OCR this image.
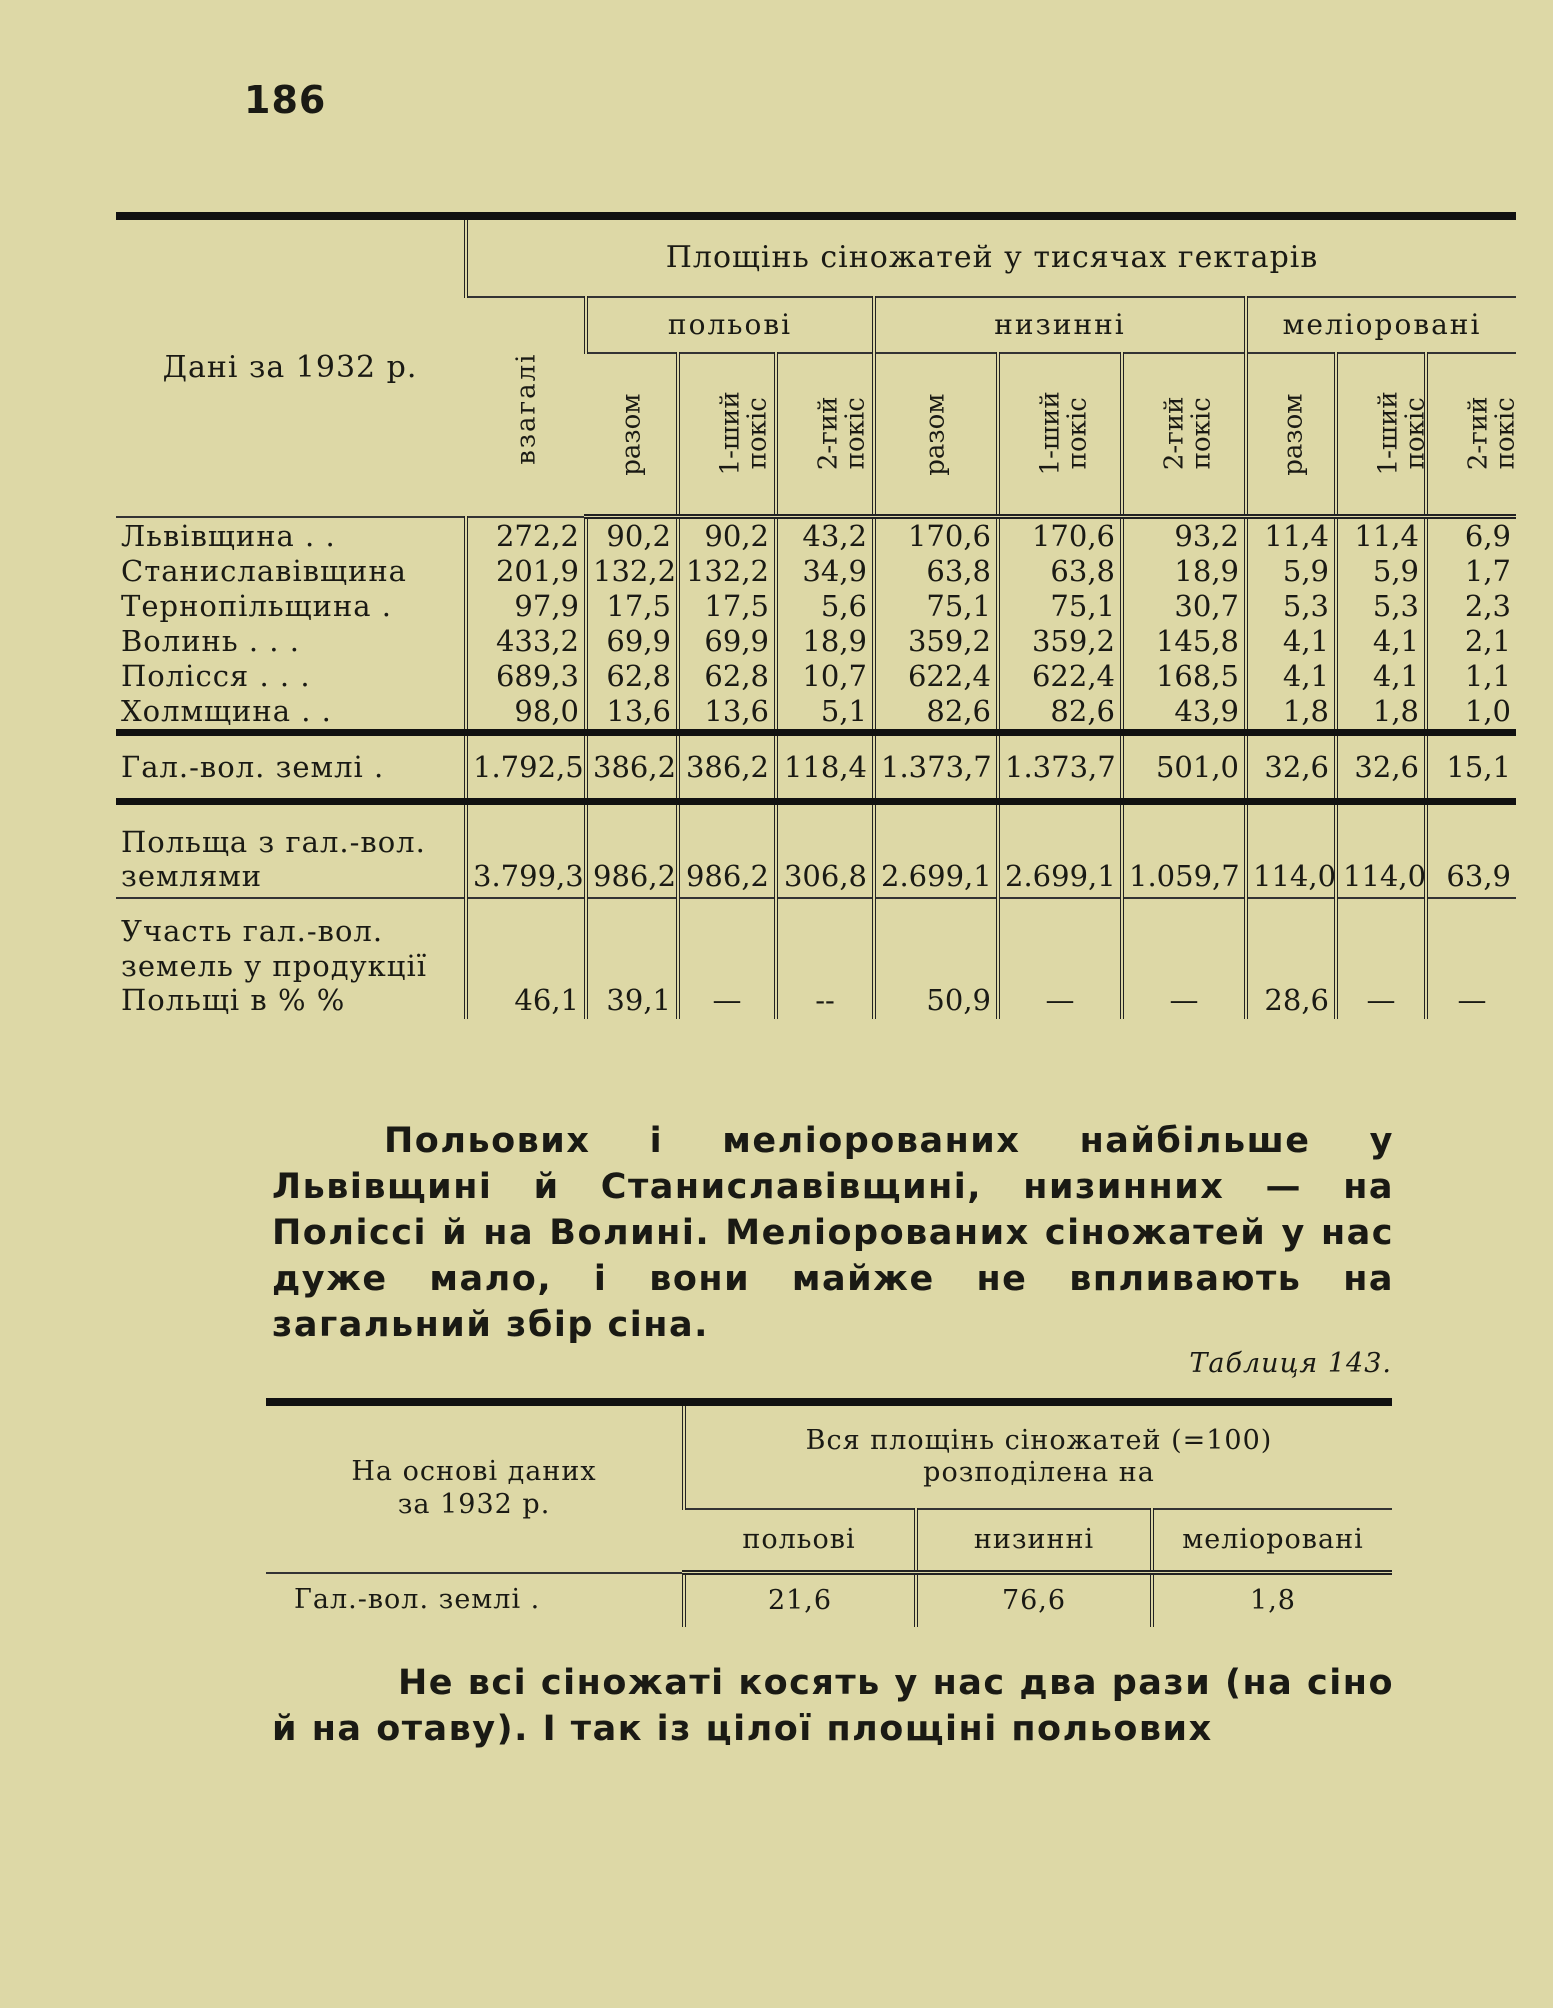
186
Дані за 1932 р.	Площінь сіножатей у тисячах гектарів									
	взагалі	польові			низинні			меліоровані		
		разом	1-ший покіс	2-гий покіс	разом	1-ший покіс	2-гий покіс	разом	1-ший покіс	2-гий покіс
Львівщина . .	272,2	90,2	90,2	43,2	170,6	170,6	93,2	11,4	11,4	6,9
Станиславівщина	201,9	132,2	132,2	34,9	63,8	63,8	18,9	5,9	5,9	1,7
Тернопільщина .	97,9	17,5	17,5	5,6	75,1	75,1	30,7	5,3	5,3	2,3
Волинь . . .	433,2	69,9	69,9	18,9	359,2	359,2	145,8	4,1	4,1	2,1
Полісся . . .	689,3	62,8	62,8	10,7	622,4	622,4	168,5	4,1	4,1	1,1
Холмщина . .	98,0	13,6	13,6	5,1	82,6	82,6	43,9	1,8	1,8	1,0
Гал.-вол. землі .	1.792,5	386,2	386,2	118,4	1.373,7	1.373,7	501,0	32,6	32,6	15,1
Польща з гал.-вол. землями	3.799,3	986,2	986,2	306,8	2.699,1	2.699,1	1.059,7	114,0	114,0	63,9
Участь гал.-вол. земель у продукції Польщі в % %	46,1	39,1	—	--	50,9	—	—	28,6	—	—

Польових і меліорованих найбільше у Львівщині й Станиславівщині, низинних — на Поліссі й на Волині. Меліорованих сіножатей у нас дуже мало, і вони майже не впливають на загальний збір сіна.

Таблиця 143.
На основі даних за 1932 р.	Вся площінь сіножатей (=100) розподілена на		

	польові	низинні	меліоровані
Гал.-вол. землі .	21,6	76,6	1,8

Не всі сіножаті косять у нас два рази (на сіно й на отаву). І так із цілої площіні польових
